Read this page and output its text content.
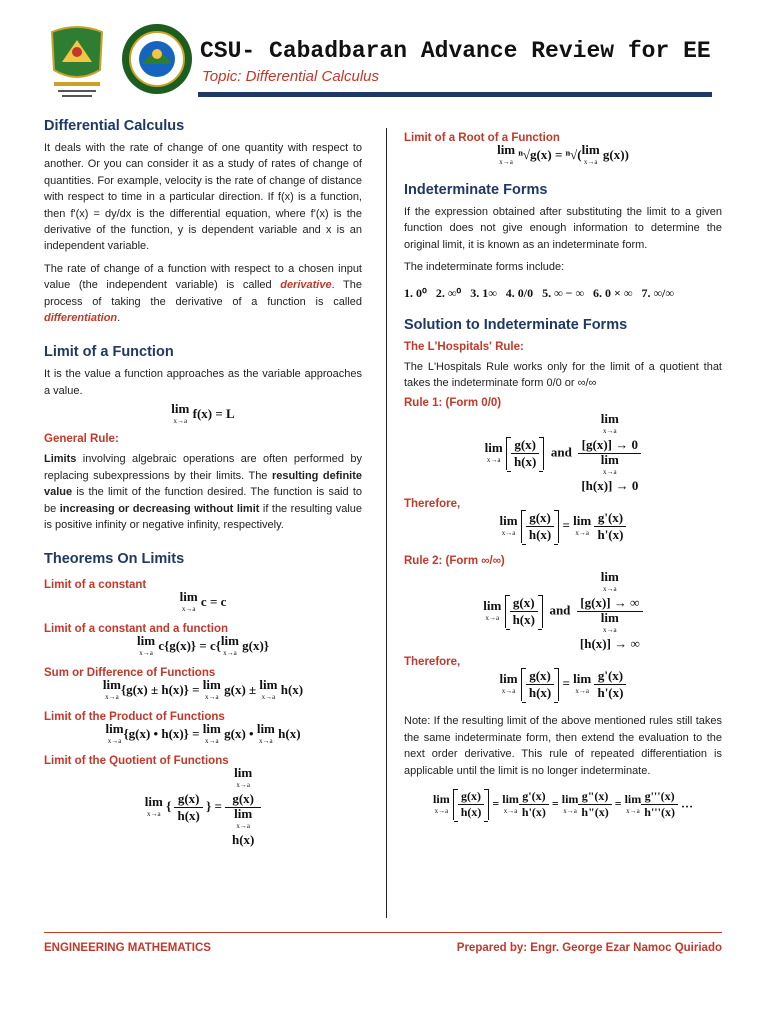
CSU- Cabadbaran Advance Review for EE
Topic: Differential Calculus
Differential Calculus

It deals with the rate of change of one quantity with respect to another. Or you can consider it as a study of rates of change of quantities. For example, velocity is the rate of change of distance with respect to time in a particular direction. If f(x) is a function, then f'(x) = dy/dx is the differential equation, where f'(x) is the derivative of the function, y is dependent variable and x is an independent variable.

The rate of change of a function with respect to a chosen input value (the independent variable) is called derivative. The process of taking the derivative of a function is called differentiation.

Limit of a Function

It is the value a function approaches as the variable approaches a value.

lim
x→a
f(x) = L
General Rule:

Limits involving algebraic operations are often performed by replacing subexpressions by their limits. The resulting definite value is the limit of the function desired. The function is said to be increasing or decreasing without limit if the resulting value is positive infinity or negative infinity, respectively.

Theorems On Limits
Limit of a constant
lim
x→a
c = c
Limit of a constant and a function
lim
x→a
c{g(x)} = c{lim
x→a
g(x)}
Sum or Difference of Functions
lim
x→a
{g(x) ± h(x)} = lim
x→a
g(x) ± lim
x→a
h(x)
Limit of the Product of Functions
lim
x→a
{g(x) • h(x)} = lim
x→a
g(x) • lim
x→a
h(x)
Limit of the Quotient of Functions
lim
x→a
{ $\frac{g(x)}{h(x)}$ } = lim
x→a
g(x)
lim
x→a
h(x)
Limit of a Root of a Function
lim
x→a
ⁿ√g(x) = ⁿ√(lim
x→a
g(x))
Indeterminate Forms

If the expression obtained after substituting the limit to a given function does not give enough information to determine the original limit, it is known as an indeterminate form.

The indeterminate forms include:

1. 0⁰ 2. ∞⁰ 3. 1∞ 4. 0/0 5. ∞ − ∞ 6. 0 × ∞ 7. ∞/∞
Solution to Indeterminate Forms
The L'Hospitals' Rule:

The L'Hospitals Rule works only for the limit of a quotient that takes the indeterminate form 0/0 or ∞/∞

Rule 1: (Form 0/0)
lim
x→a
$\frac{g(x)}{h(x)}$ and lim
x→a
[g(x)] → 0
lim
x→a
[h(x)] → 0
Therefore,
lim
x→a
$\frac{g(x)}{h(x)} = \lim$
x→a
$\frac{g'(x)}{h'(x)}$
Rule 2: (Form ∞/∞)
lim
x→a
$\frac{g(x)}{h(x)}$ and lim
x→a
[g(x)] → ∞
lim
x→a
[h(x)] → ∞
Therefore,
lim
x→a
$\frac{g(x)}{h(x)} = \lim$
x→a
$\frac{g'(x)}{h'(x)}$

Note: If the resulting limit of the above mentioned rules still takes the same indeterminate form, then extend the evaluation to the next order derivative. This rule of repeated differentiation is applicable until the limit is no longer indeterminate.

lim
x→a
$\frac{g(x)}{h(x)} = \lim$
$x\to a \frac{g'(x)}{h'(x)} = \lim$
$x\to a \frac{g"(x)}{h"(x)} = \lim$
$x\to a \frac{g'''(x)}{h'''(x)}$ …
ENGINEERING MATHEMATICS	Prepared by: Engr. George Ezar Namoc Quiriado
